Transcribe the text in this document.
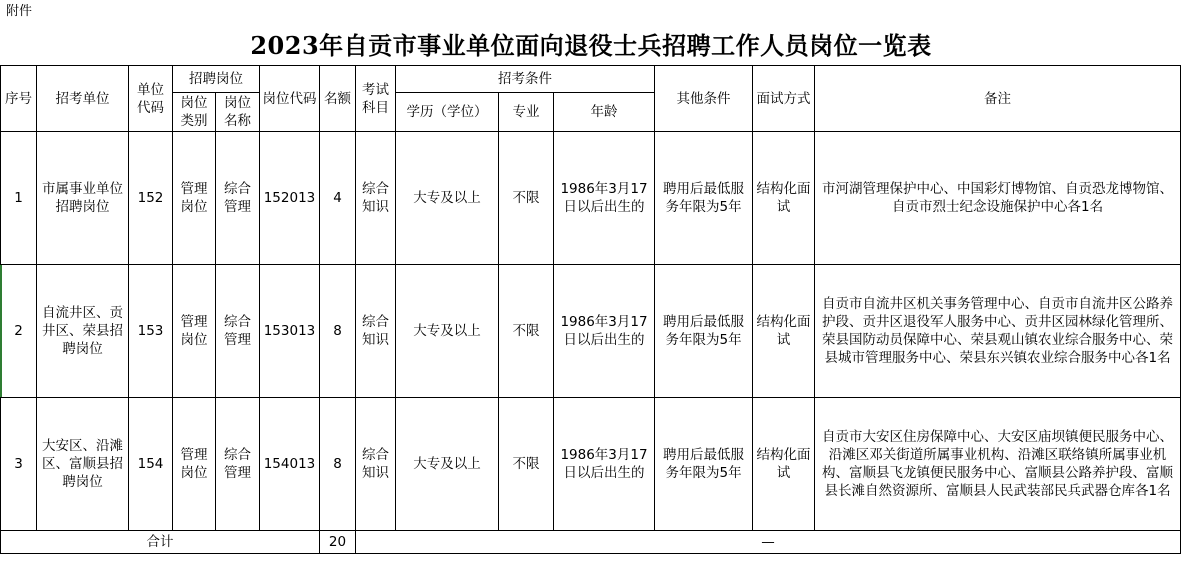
附件
2023年自贡市事业单位面向退役士兵招聘工作人员岗位一览表
序号	招考单位	单位代码	招聘岗位		岗位代码	名额	考试科目	招考条件			其他条件	面试方式	备注
			岗位类别	岗位名称				学历（学位）	专业	年龄			
1	市属事业单位招聘岗位	152	管理岗位	综合管理	152013	4	综合知识	大专及以上	不限	1986年3月17日以后出生的	聘用后最低服务年限为5年	结构化面试	市河湖管理保护中心、中国彩灯博物馆、自贡恐龙博物馆、自贡市烈士纪念设施保护中心各1名
2	自流井区、贡井区、荣县招聘岗位	153	管理岗位	综合管理	153013	8	综合知识	大专及以上	不限	1986年3月17日以后出生的	聘用后最低服务年限为5年	结构化面试	自贡市自流井区机关事务管理中心、自贡市自流井区公路养护段、贡井区退役军人服务中心、贡井区园林绿化管理所、荣县国防动员保障中心、荣县观山镇农业综合服务中心、荣县城市管理服务中心、荣县东兴镇农业综合服务中心各1名
3	大安区、沿滩区、富顺县招聘岗位	154	管理岗位	综合管理	154013	8	综合知识	大专及以上	不限	1986年3月17日以后出生的	聘用后最低服务年限为5年	结构化面试	自贡市大安区住房保障中心、大安区庙坝镇便民服务中心、沿滩区邓关街道所属事业机构、沿滩区联络镇所属事业机构、富顺县飞龙镇便民服务中心、富顺县公路养护段、富顺县长滩自然资源所、富顺县人民武装部民兵武器仓库各1名
合计						20	—						
